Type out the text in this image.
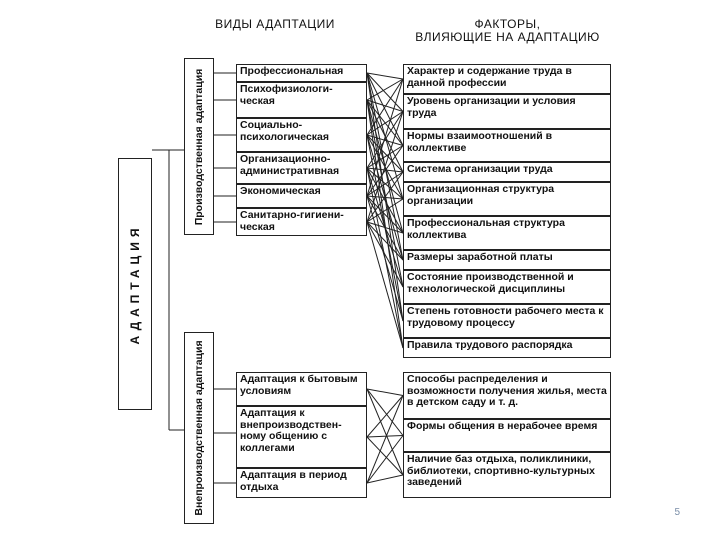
ВИДЫ АДАПТАЦИИ	ФАКТОРЫ,
ВЛИЯЮЩИЕ НА АДАПТАЦИЮ
АДАПТАЦИЯ
Производственная адаптация
Внепроизводственная адаптация
Профессиональная
Психофизиологи-ческая
Социально-психологическая
Организационно-административная
Экономическая
Санитарно-гигиени-ческая
Характер и содержание труда в данной профессии
Уровень организации и условия труда
Нормы взаимоотношений в коллективе
Система организации труда
Организационная структура организации
Профессиональная структура коллектива
Размеры заработной платы
Состояние производственной и технологической дисциплины
Степень готовности рабочего места к трудовому процессу
Правила трудового распорядка
Адаптация к бытовым условиям
Адаптация к внепроизводствен-ному общению с коллегами
Адаптация в период отдыха
Способы распределения и возможности получения жилья, места в детском саду и т. д.
Формы общения в нерабочее время
Наличие баз отдыха, поликлиники, библиотеки, спортивно-культурных заведений
5
